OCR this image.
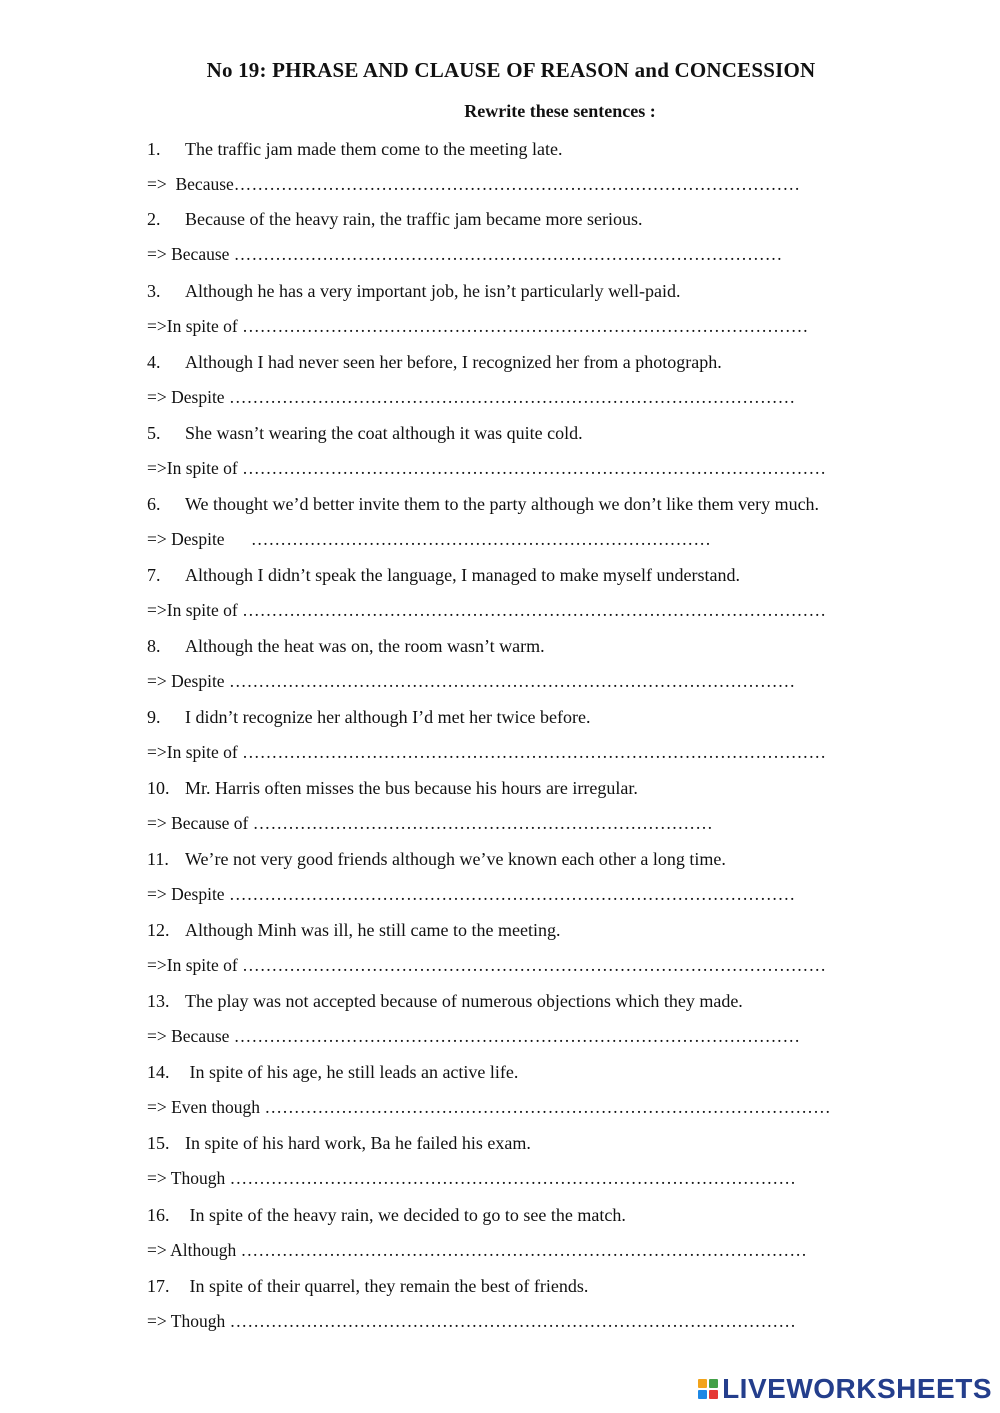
No 19: PHRASE AND CLAUSE OF REASON and CONCESSION
Rewrite these sentences :
1. The traffic jam made them come to the meeting late.
=>  Because……………………………………………………………………………………
2. Because of the heavy rain, the traffic jam became more serious.
=> Because …………………………………………………………………………………
3. Although he has a very important job, he isn’t particularly well-paid.
=>In spite of ……………………………………………………………………………………
4. Although I had never seen her before, I recognized her from a photograph.
=> Despite ……………………………………………………………………………………
5. She wasn’t wearing the coat although it was quite cold.
=>In spite of ………………………………………………………………………………………
6. We thought we’d better invite them to the party although we don’t like them very much.
=> Despite      ……………………………………………………………………
7. Although I didn’t speak the language, I managed to make myself understand.
=>In spite of ………………………………………………………………………………………
8. Although the heat was on, the room wasn’t warm.
=> Despite ……………………………………………………………………………………
9. I didn’t recognize her although I’d met her twice before.
=>In spite of ………………………………………………………………………………………
10. Mr. Harris often misses the bus because his hours are irregular.
=> Because of ……………………………………………………………………
11. We’re not very good friends although we’ve known each other a long time.
=> Despite ……………………………………………………………………………………
12. Although Minh was ill, he still came to the meeting.
=>In spite of ………………………………………………………………………………………
13. The play was not accepted because of numerous objections which they made.
=> Because ……………………………………………………………………………………
14. In spite of his age, he still leads an active life.
=> Even though ……………………………………………………………………………………
15. In spite of his hard work, Ba he failed his exam.
=> Though ……………………………………………………………………………………
16. In spite of the heavy rain, we decided to go to see the match.
=> Although ……………………………………………………………………………………
17. In spite of their quarrel, they remain the best of friends.
=> Though ……………………………………………………………………………………
LIVEWORKSHEETS
